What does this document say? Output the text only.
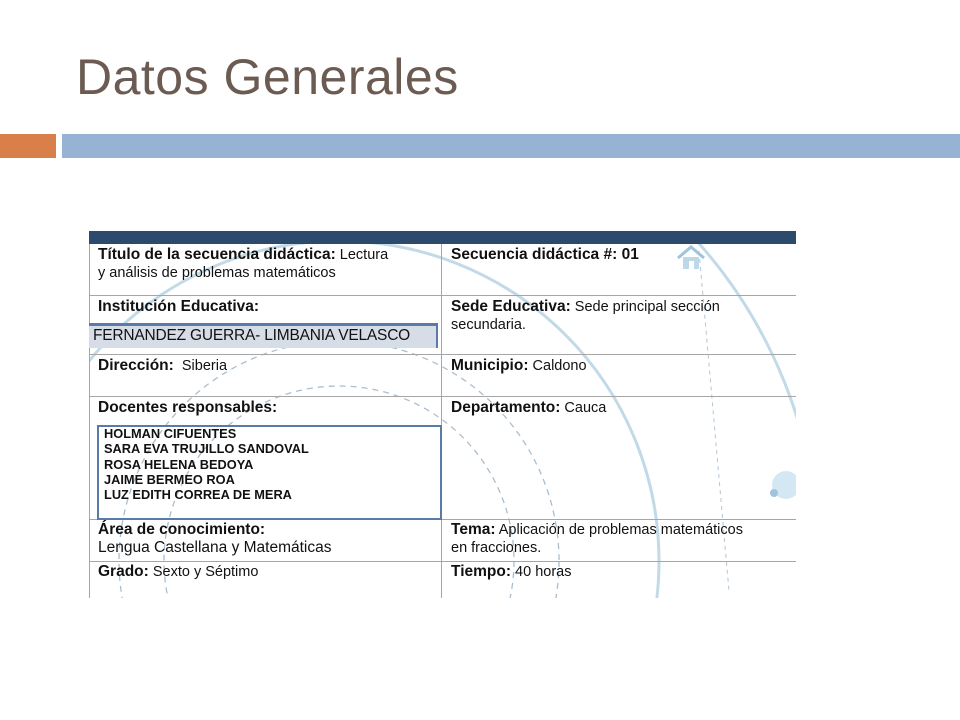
Datos Generales
Título de la secuencia didáctica: Lectura
y análisis de problemas matemáticos
Secuencia didáctica #: 01
Institución Educativa:
FERNANDEZ GUERRA- LIMBANIA VELASCO
Sede Educativa: Sede principal sección
secundaria.
Dirección: Siberia	Municipio: Caldono
Docentes responsables:
HOLMAN CIFUENTES
SARA EVA TRUJILLO SANDOVAL
ROSA HELENA BEDOYA
JAIME BERMEO ROA
LUZ EDITH CORREA DE MERA
Departamento: Cauca
Área de conocimiento:
Lengua Castellana y Matemáticas
Tema: Aplicación de problemas matemáticos
en fracciones.
Grado: Sexto y Séptimo	Tiempo: 40 horas
